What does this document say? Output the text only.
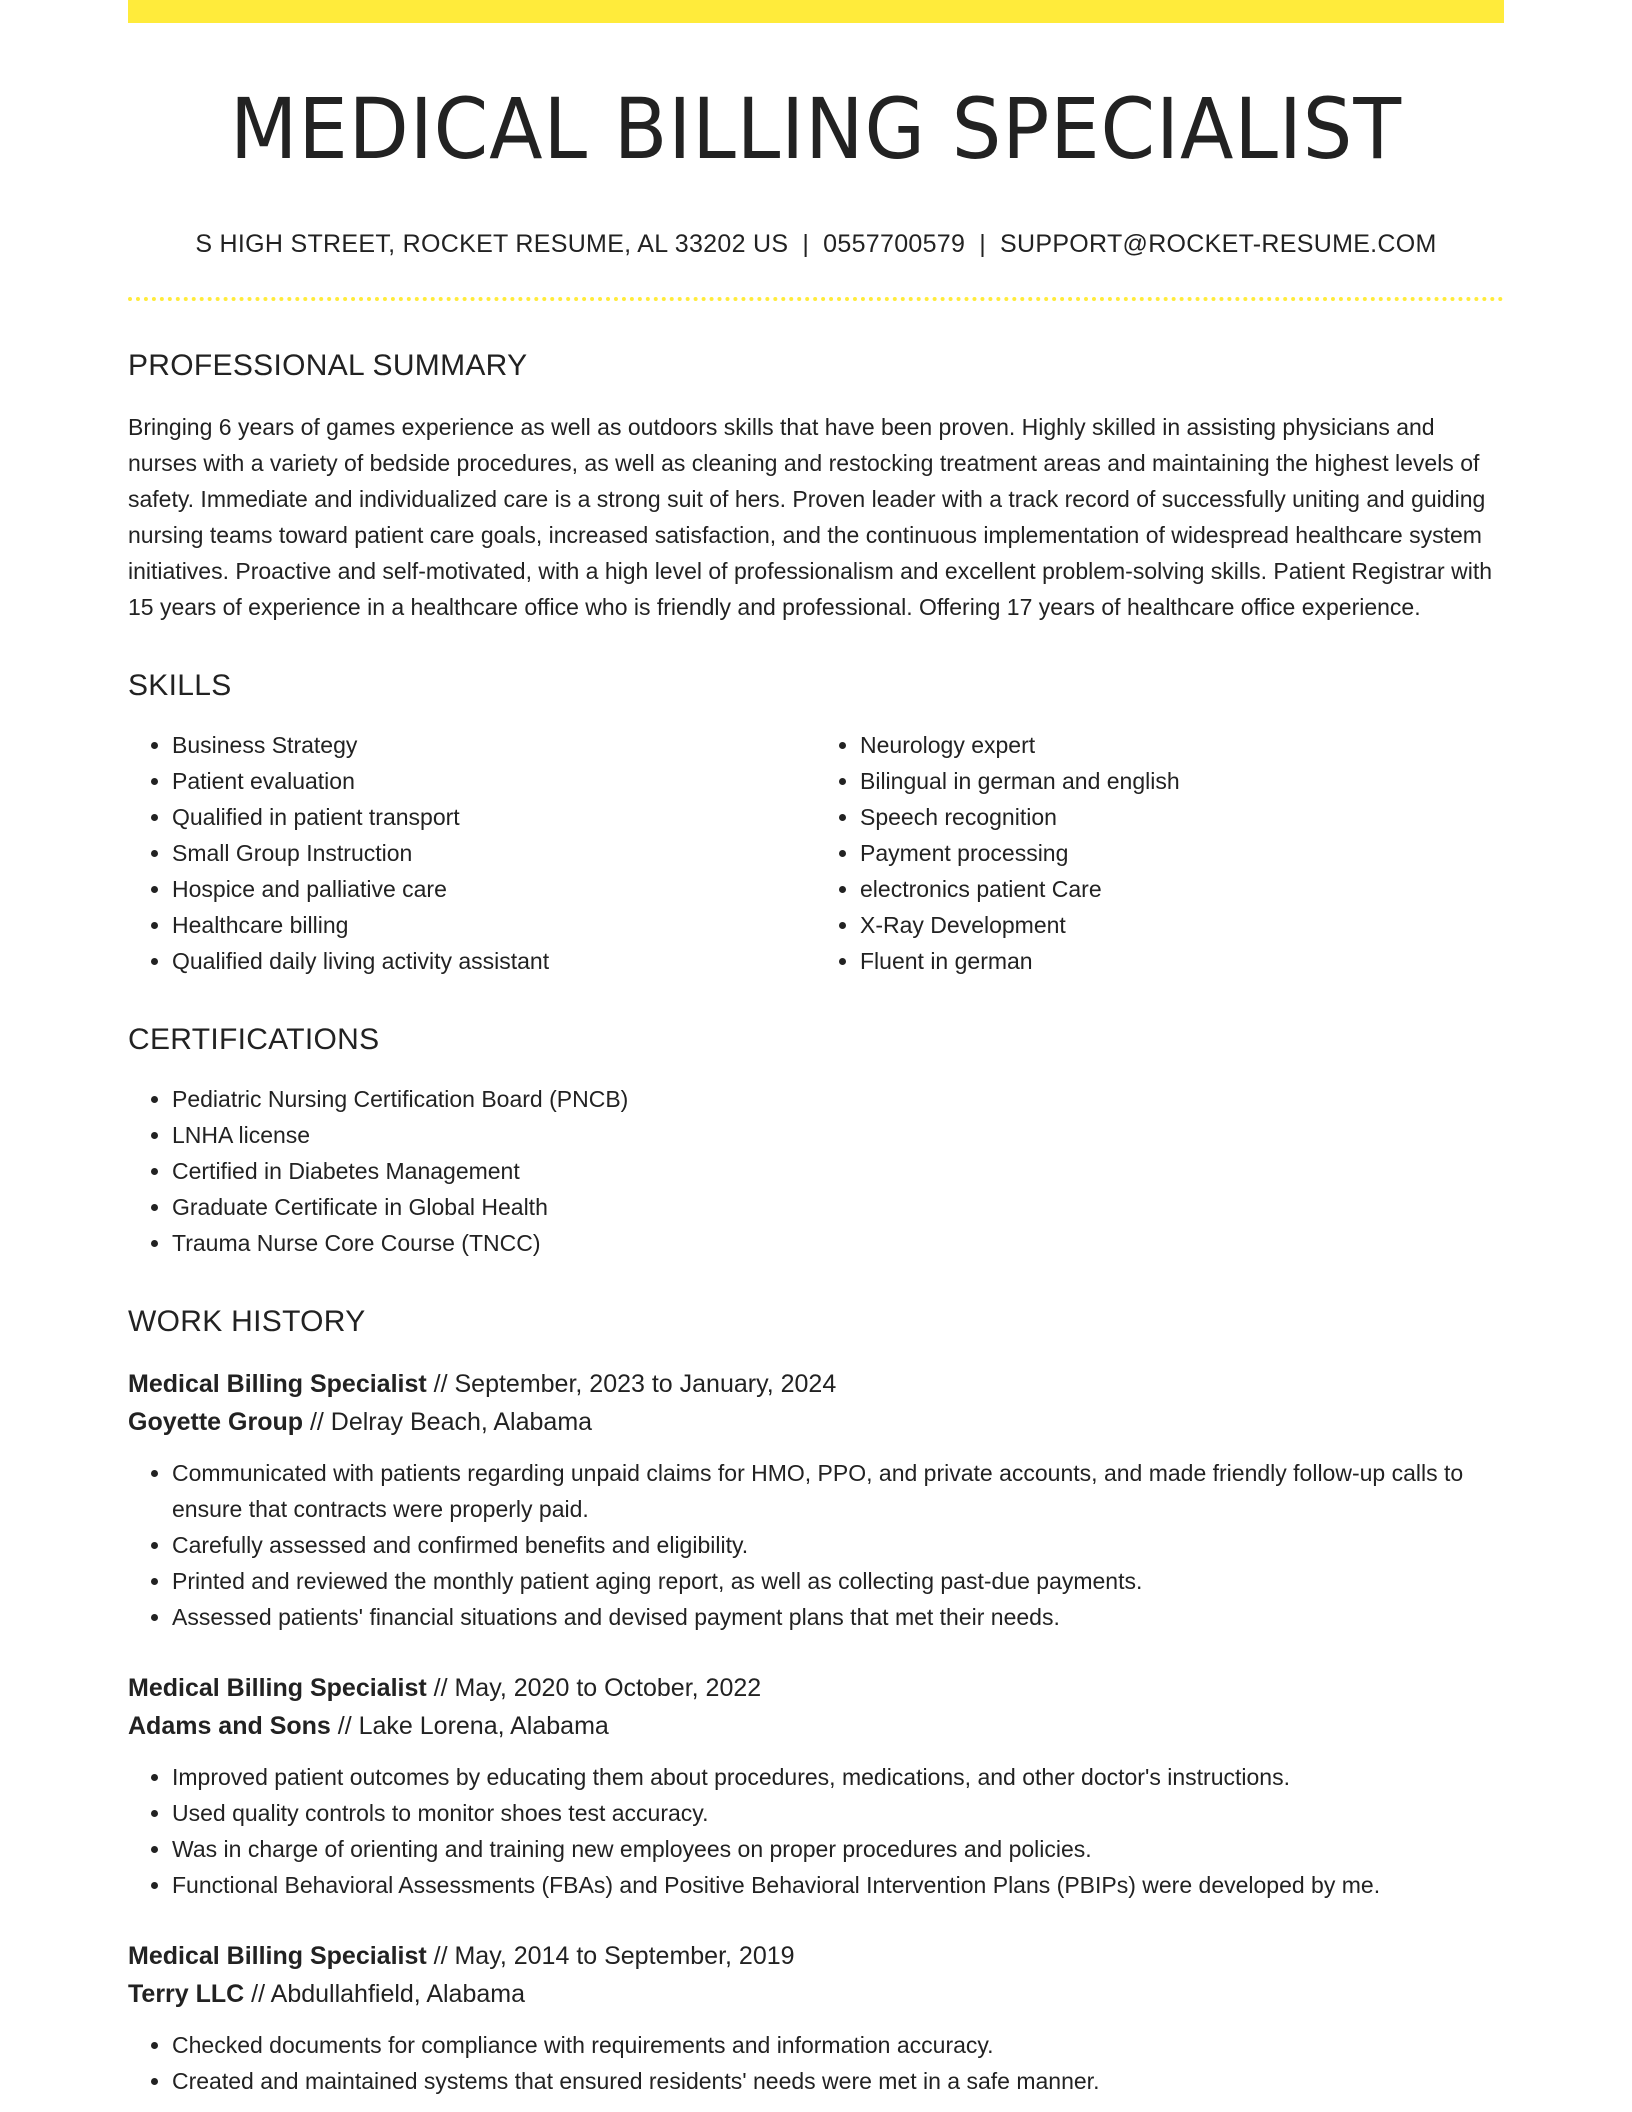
MEDICAL BILLING SPECIALIST
S HIGH STREET, ROCKET RESUME, AL 33202 US | 0557700579 | SUPPORT@ROCKET-RESUME.COM
PROFESSIONAL SUMMARY

Bringing 6 years of games experience as well as outdoors skills that have been proven. Highly skilled in assisting physicians and nurses with a variety of bedside procedures, as well as cleaning and restocking treatment areas and maintaining the highest levels of safety. Immediate and individualized care is a strong suit of hers. Proven leader with a track record of successfully uniting and guiding nursing teams toward patient care goals, increased satisfaction, and the continuous implementation of widespread healthcare system initiatives. Proactive and self-motivated, with a high level of professionalism and excellent problem-solving skills. Patient Registrar with 15 years of experience in a healthcare office who is friendly and professional. Offering 17 years of healthcare office experience.

SKILLS
• Business Strategy
• Patient evaluation
• Qualified in patient transport
• Small Group Instruction
• Hospice and palliative care
• Healthcare billing
• Qualified daily living activity assistant
• Neurology expert
• Bilingual in german and english
• Speech recognition
• Payment processing
• electronics patient Care
• X-Ray Development
• Fluent in german
CERTIFICATIONS
• Pediatric Nursing Certification Board (PNCB)
• LNHA license
• Certified in Diabetes Management
• Graduate Certificate in Global Health
• Trauma Nurse Core Course (TNCC)
WORK HISTORY
Medical Billing Specialist // September, 2023 to January, 2024
Goyette Group // Delray Beach, Alabama
• Communicated with patients regarding unpaid claims for HMO, PPO, and private accounts, and made friendly follow-up calls to ensure that contracts were properly paid.
• Carefully assessed and confirmed benefits and eligibility.
• Printed and reviewed the monthly patient aging report, as well as collecting past-due payments.
• Assessed patients' financial situations and devised payment plans that met their needs.
Medical Billing Specialist // May, 2020 to October, 2022
Adams and Sons // Lake Lorena, Alabama
• Improved patient outcomes by educating them about procedures, medications, and other doctor's instructions.
• Used quality controls to monitor shoes test accuracy.
• Was in charge of orienting and training new employees on proper procedures and policies.
• Functional Behavioral Assessments (FBAs) and Positive Behavioral Intervention Plans (PBIPs) were developed by me.
Medical Billing Specialist // May, 2014 to September, 2019
Terry LLC // Abdullahfield, Alabama
• Checked documents for compliance with requirements and information accuracy.
• Created and maintained systems that ensured residents' needs were met in a safe manner.
